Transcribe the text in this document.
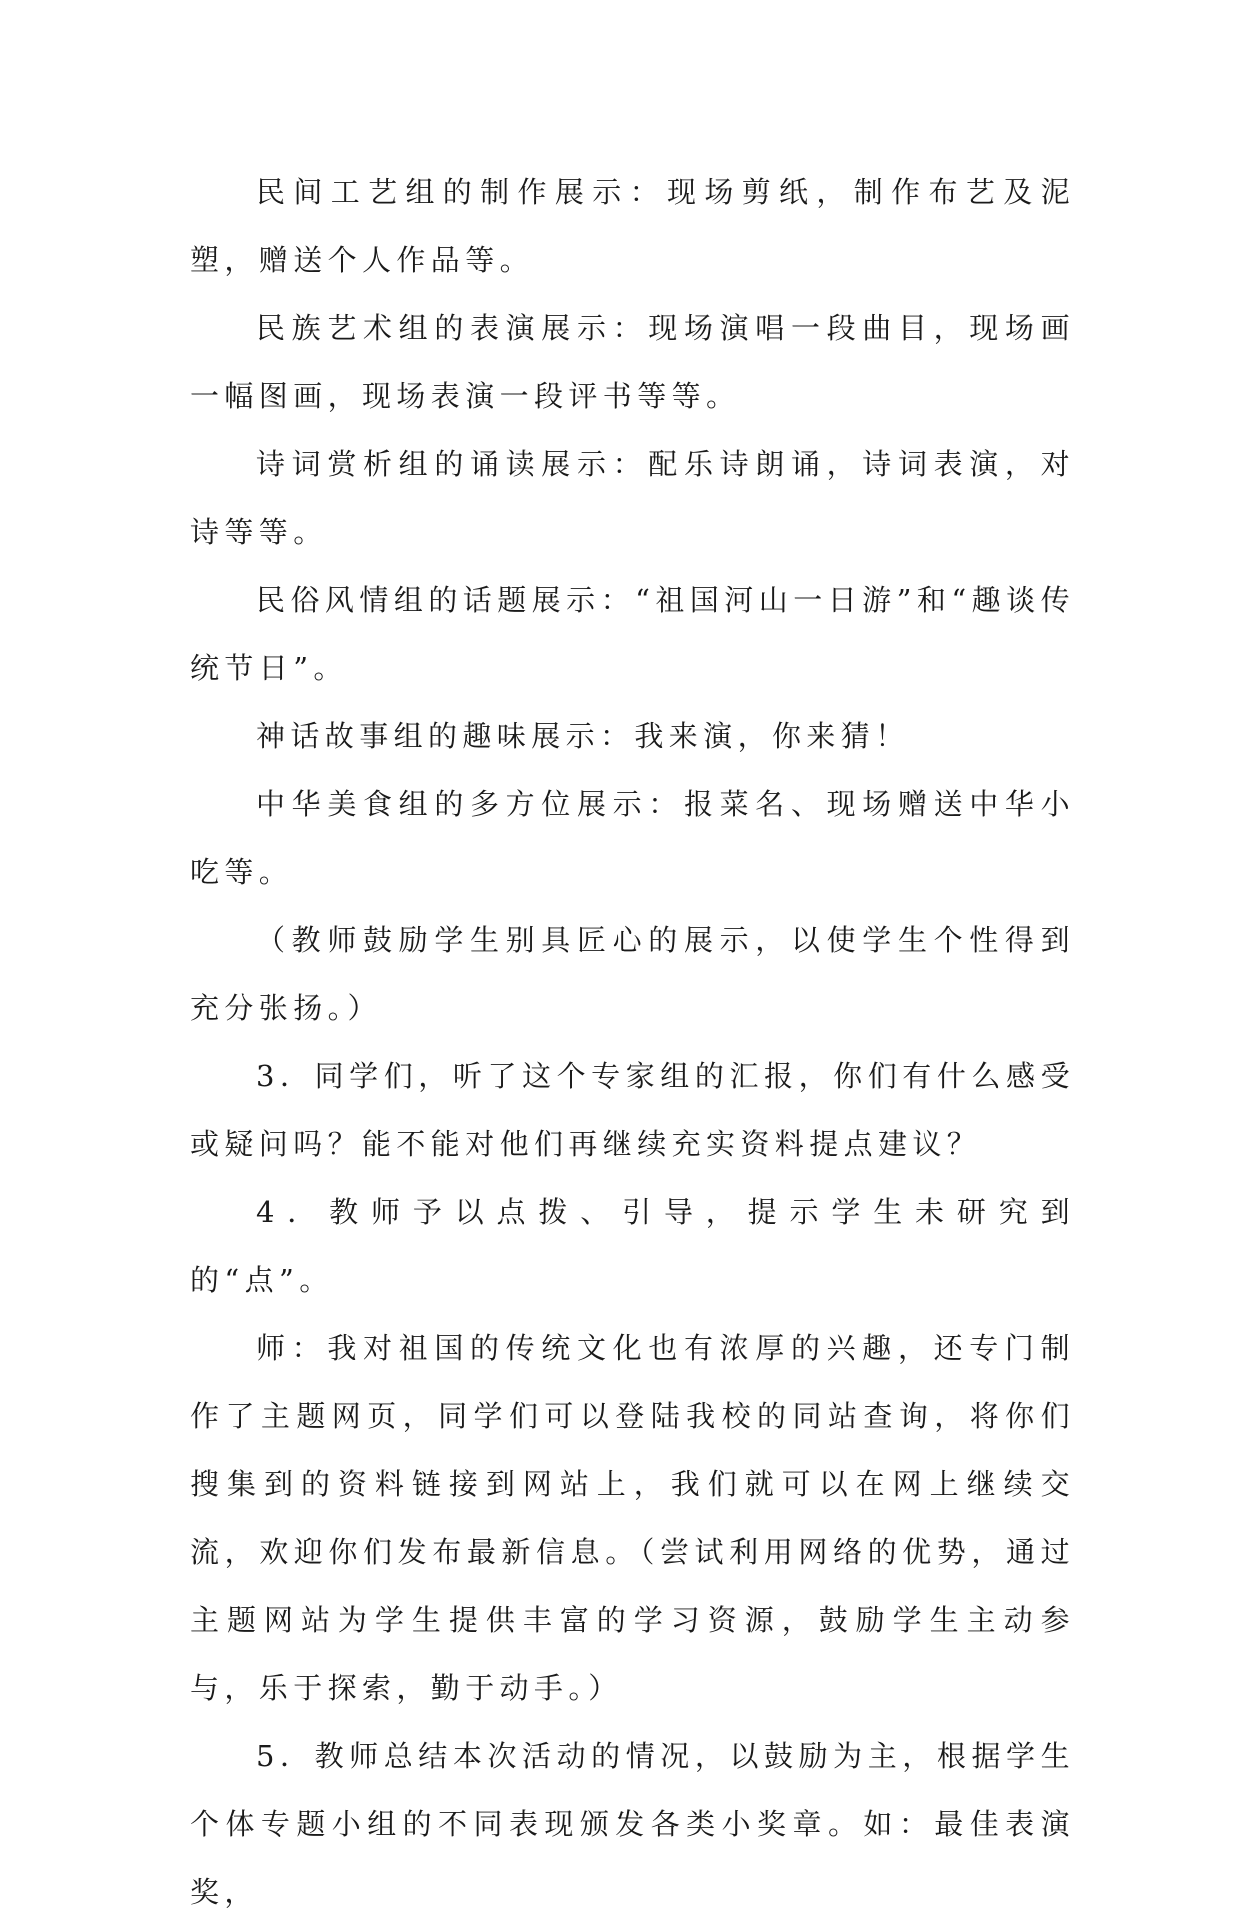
民间工艺组的制作展示：现场剪纸，制作布艺及泥塑，赠送个人作品等。

民族艺术组的表演展示：现场演唱一段曲目，现场画一幅图画，现场表演一段评书等等。

诗词赏析组的诵读展示：配乐诗朗诵，诗词表演，对诗等等。

民俗风情组的话题展示：“祖国河山一日游”和“趣谈传统节日”。

神话故事组的趣味展示：我来演，你来猜！

中华美食组的多方位展示：报菜名、现场赠送中华小吃等。

（教师鼓励学生别具匠心的展示，以使学生个性得到充分张扬。）

3．同学们，听了这个专家组的汇报，你们有什么感受或疑问吗？能不能对他们再继续充实资料提点建议？

4．教师予以点拨、引导，提示学生未研究到的“点”。

师：我对祖国的传统文化也有浓厚的兴趣，还专门制作了主题网页，同学们可以登陆我校的同站查询，将你们搜集到的资料链接到网站上，我们就可以在网上继续交流，欢迎你们发布最新信息。（尝试利用网络的优势，通过主题网站为学生提供丰富的学习资源，鼓励学生主动参与，乐于探索，勤于动手。）

5．教师总结本次活动的情况，以鼓励为主，根据学生个体专题小组的不同表现颁发各类小奖章。如：最佳表演奖，
